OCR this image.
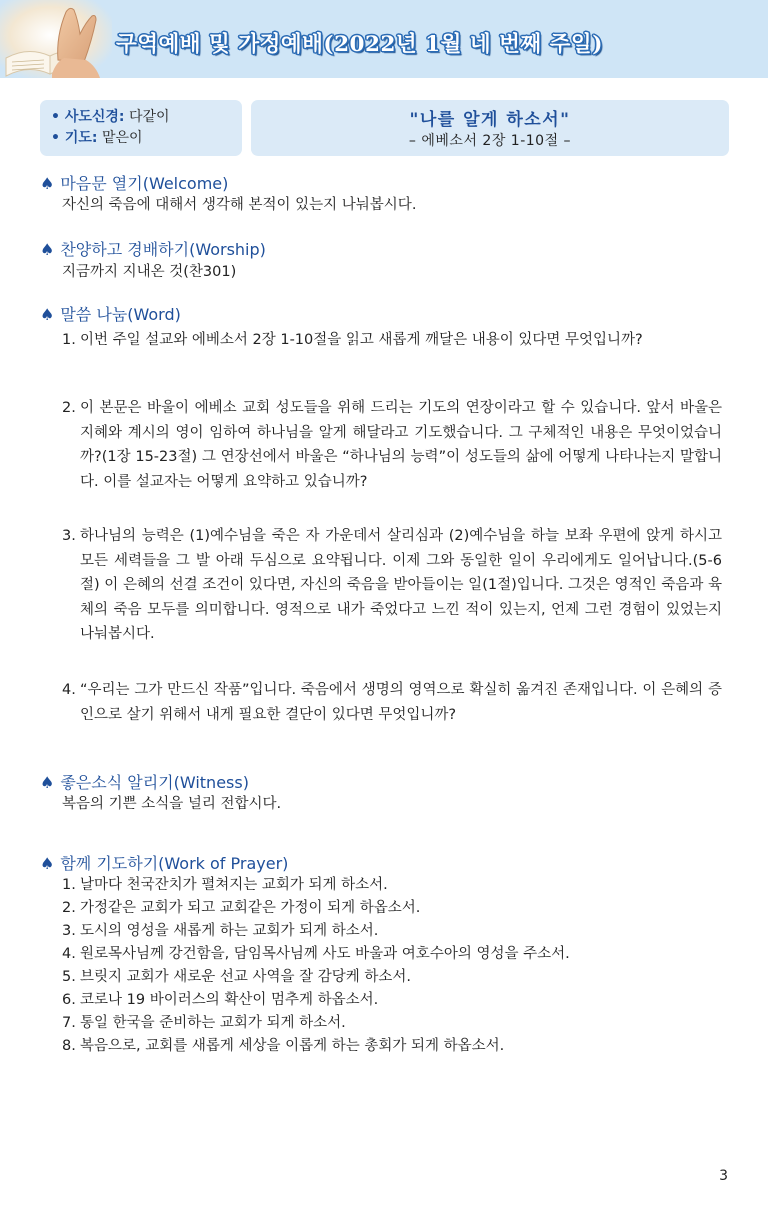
구역예배 및 가정예배(2022년 1월 네 번째 주일)
• 사도신경: 다같이
• 기도: 맡은이
"나를 알게 하소서"
– 에베소서 2장 1-10절 –
♠ 마음문 열기(Welcome)
자신의 죽음에 대해서 생각해 본적이 있는지 나눠봅시다.
♠ 찬양하고 경배하기(Worship)
지금까지 지내온 것(찬301)
♠ 말씀 나눔(Word)
1. 이번 주일 설교와 에베소서 2장 1-10절을 읽고 새롭게 깨달은 내용이 있다면 무엇입니까?
2. 이 본문은 바울이 에베소 교회 성도들을 위해 드리는 기도의 연장이라고 할 수 있습니다. 앞서 바울은 지혜와 계시의 영이 임하여 하나님을 알게 해달라고 기도했습니다. 그 구체적인 내용은 무엇이었습니까?(1장 15-23절) 그 연장선에서 바울은 “하나님의 능력”이 성도들의 삶에 어떻게 나타나는지 말합니다. 이를 설교자는 어떻게 요약하고 있습니까?
3. 하나님의 능력은 (1)예수님을 죽은 자 가운데서 살리심과 (2)예수님을 하늘 보좌 우편에 앉게 하시고 모든 세력들을 그 발 아래 두심으로 요약됩니다. 이제 그와 동일한 일이 우리에게도 일어납니다.(5-6절) 이 은혜의 선결 조건이 있다면, 자신의 죽음을 받아들이는 일(1절)입니다. 그것은 영적인 죽음과 육체의 죽음 모두를 의미합니다. 영적으로 내가 죽었다고 느낀 적이 있는지, 언제 그런 경험이 있었는지 나눠봅시다.
4. “우리는 그가 만드신 작품”입니다. 죽음에서 생명의 영역으로 확실히 옮겨진 존재입니다. 이 은혜의 증인으로 살기 위해서 내게 필요한 결단이 있다면 무엇입니까?
♠ 좋은소식 알리기(Witness)
복음의 기쁜 소식을 널리 전합시다.
♠ 함께 기도하기(Work of Prayer)
1. 날마다 천국잔치가 펼쳐지는 교회가 되게 하소서.
2. 가정같은 교회가 되고 교회같은 가정이 되게 하옵소서.
3. 도시의 영성을 새롭게 하는 교회가 되게 하소서.
4. 원로목사님께 강건함을, 담임목사님께 사도 바울과 여호수아의 영성을 주소서.
5. 브릿지 교회가 새로운 선교 사역을 잘 감당케 하소서.
6. 코로나 19 바이러스의 확산이 멈추게 하옵소서.
7. 통일 한국을 준비하는 교회가 되게 하소서.
8. 복음으로, 교회를 새롭게 세상을 이롭게 하는 총회가 되게 하옵소서.
3
